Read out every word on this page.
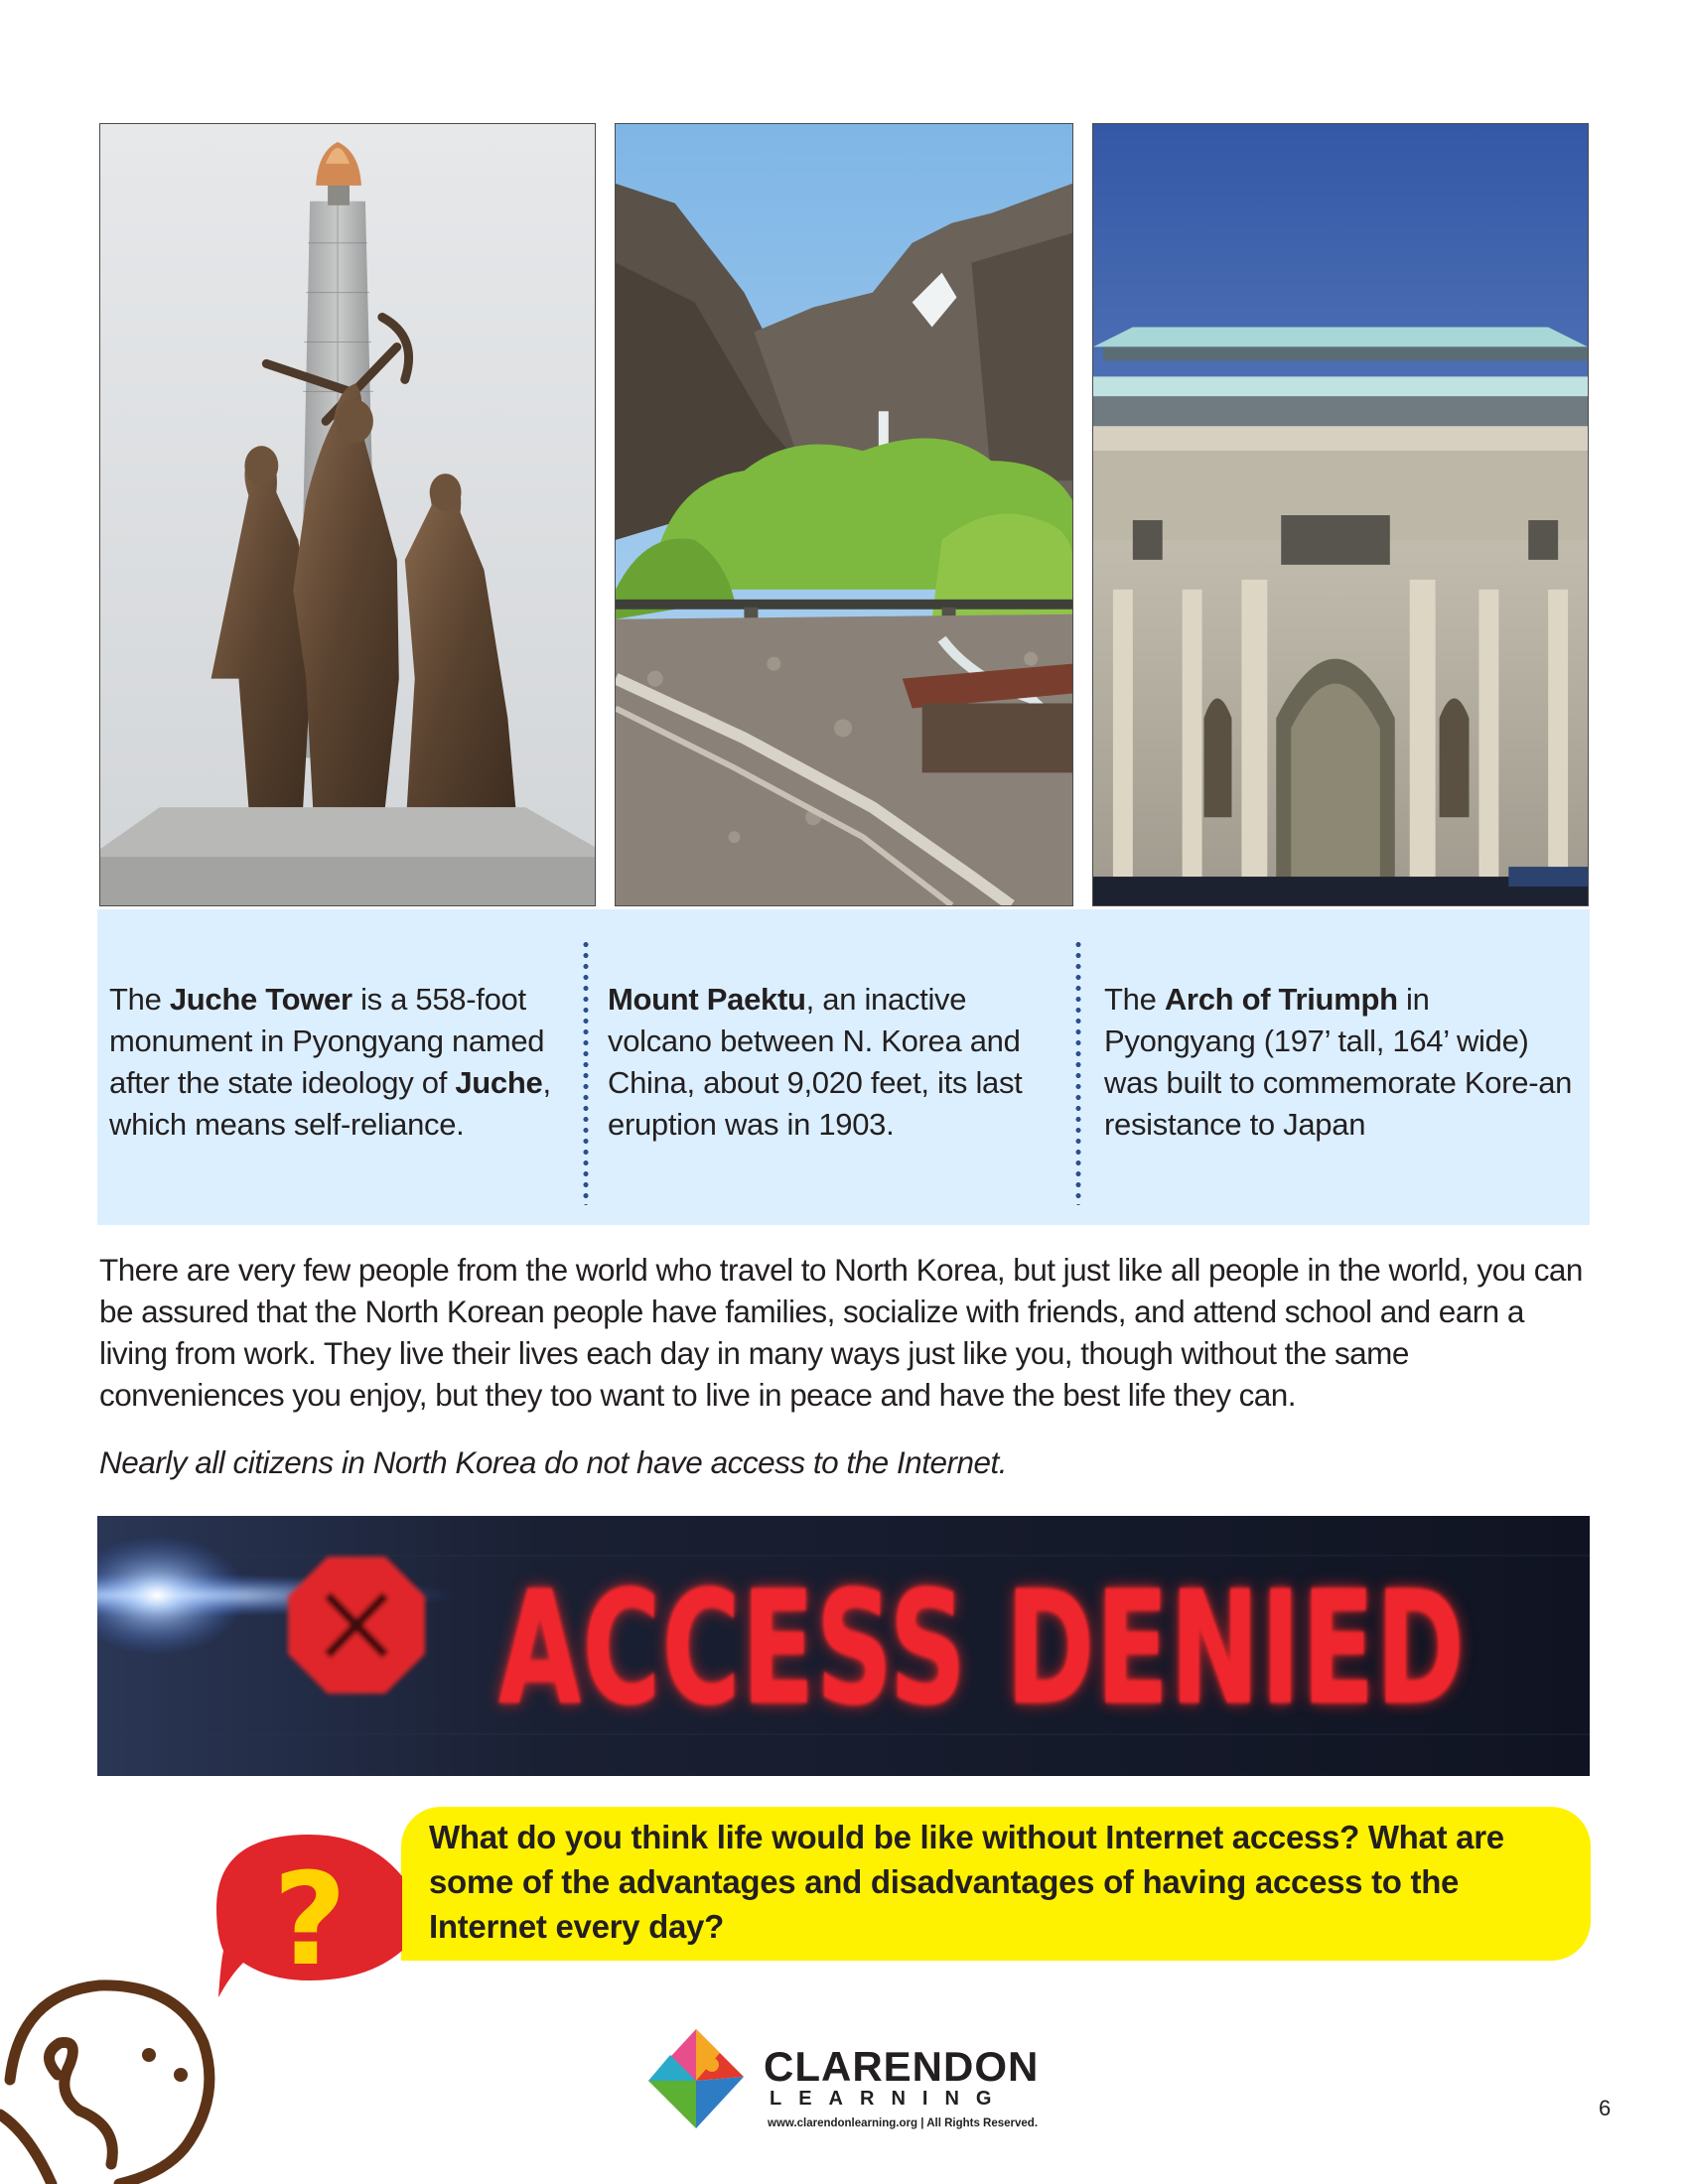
The Juche Tower is a 558-foot monument in Pyongyang named after the state ideology of Juche, which means self-reliance.

Mount Paektu, an inactive volcano between N. Korea and China, about 9,020 feet, its last eruption was in 1903.

The Arch of Triumph in
Pyongyang (197’ tall, 164’ wide) was built to commemorate Kore-an resistance to Japan

There are very few people from the world who travel to North Korea, but just like all people in the world, you can be assured that the North Korean people have families, socialize with friends, and attend school and earn a living from work. They live their lives each day in many ways just like you, though without the same conveniences you enjoy, but they too want to live in peace and have the best life they can.

Nearly all citizens in North Korea do not have access to the Internet.

ACCESS DENIED

What do you think life would be like without Internet access? What are some of the advantages and disadvantages of having access to the Internet every day?

?
CLARENDON
LEARNING
www.clarendonlearning.org | All Rights Reserved.
6
